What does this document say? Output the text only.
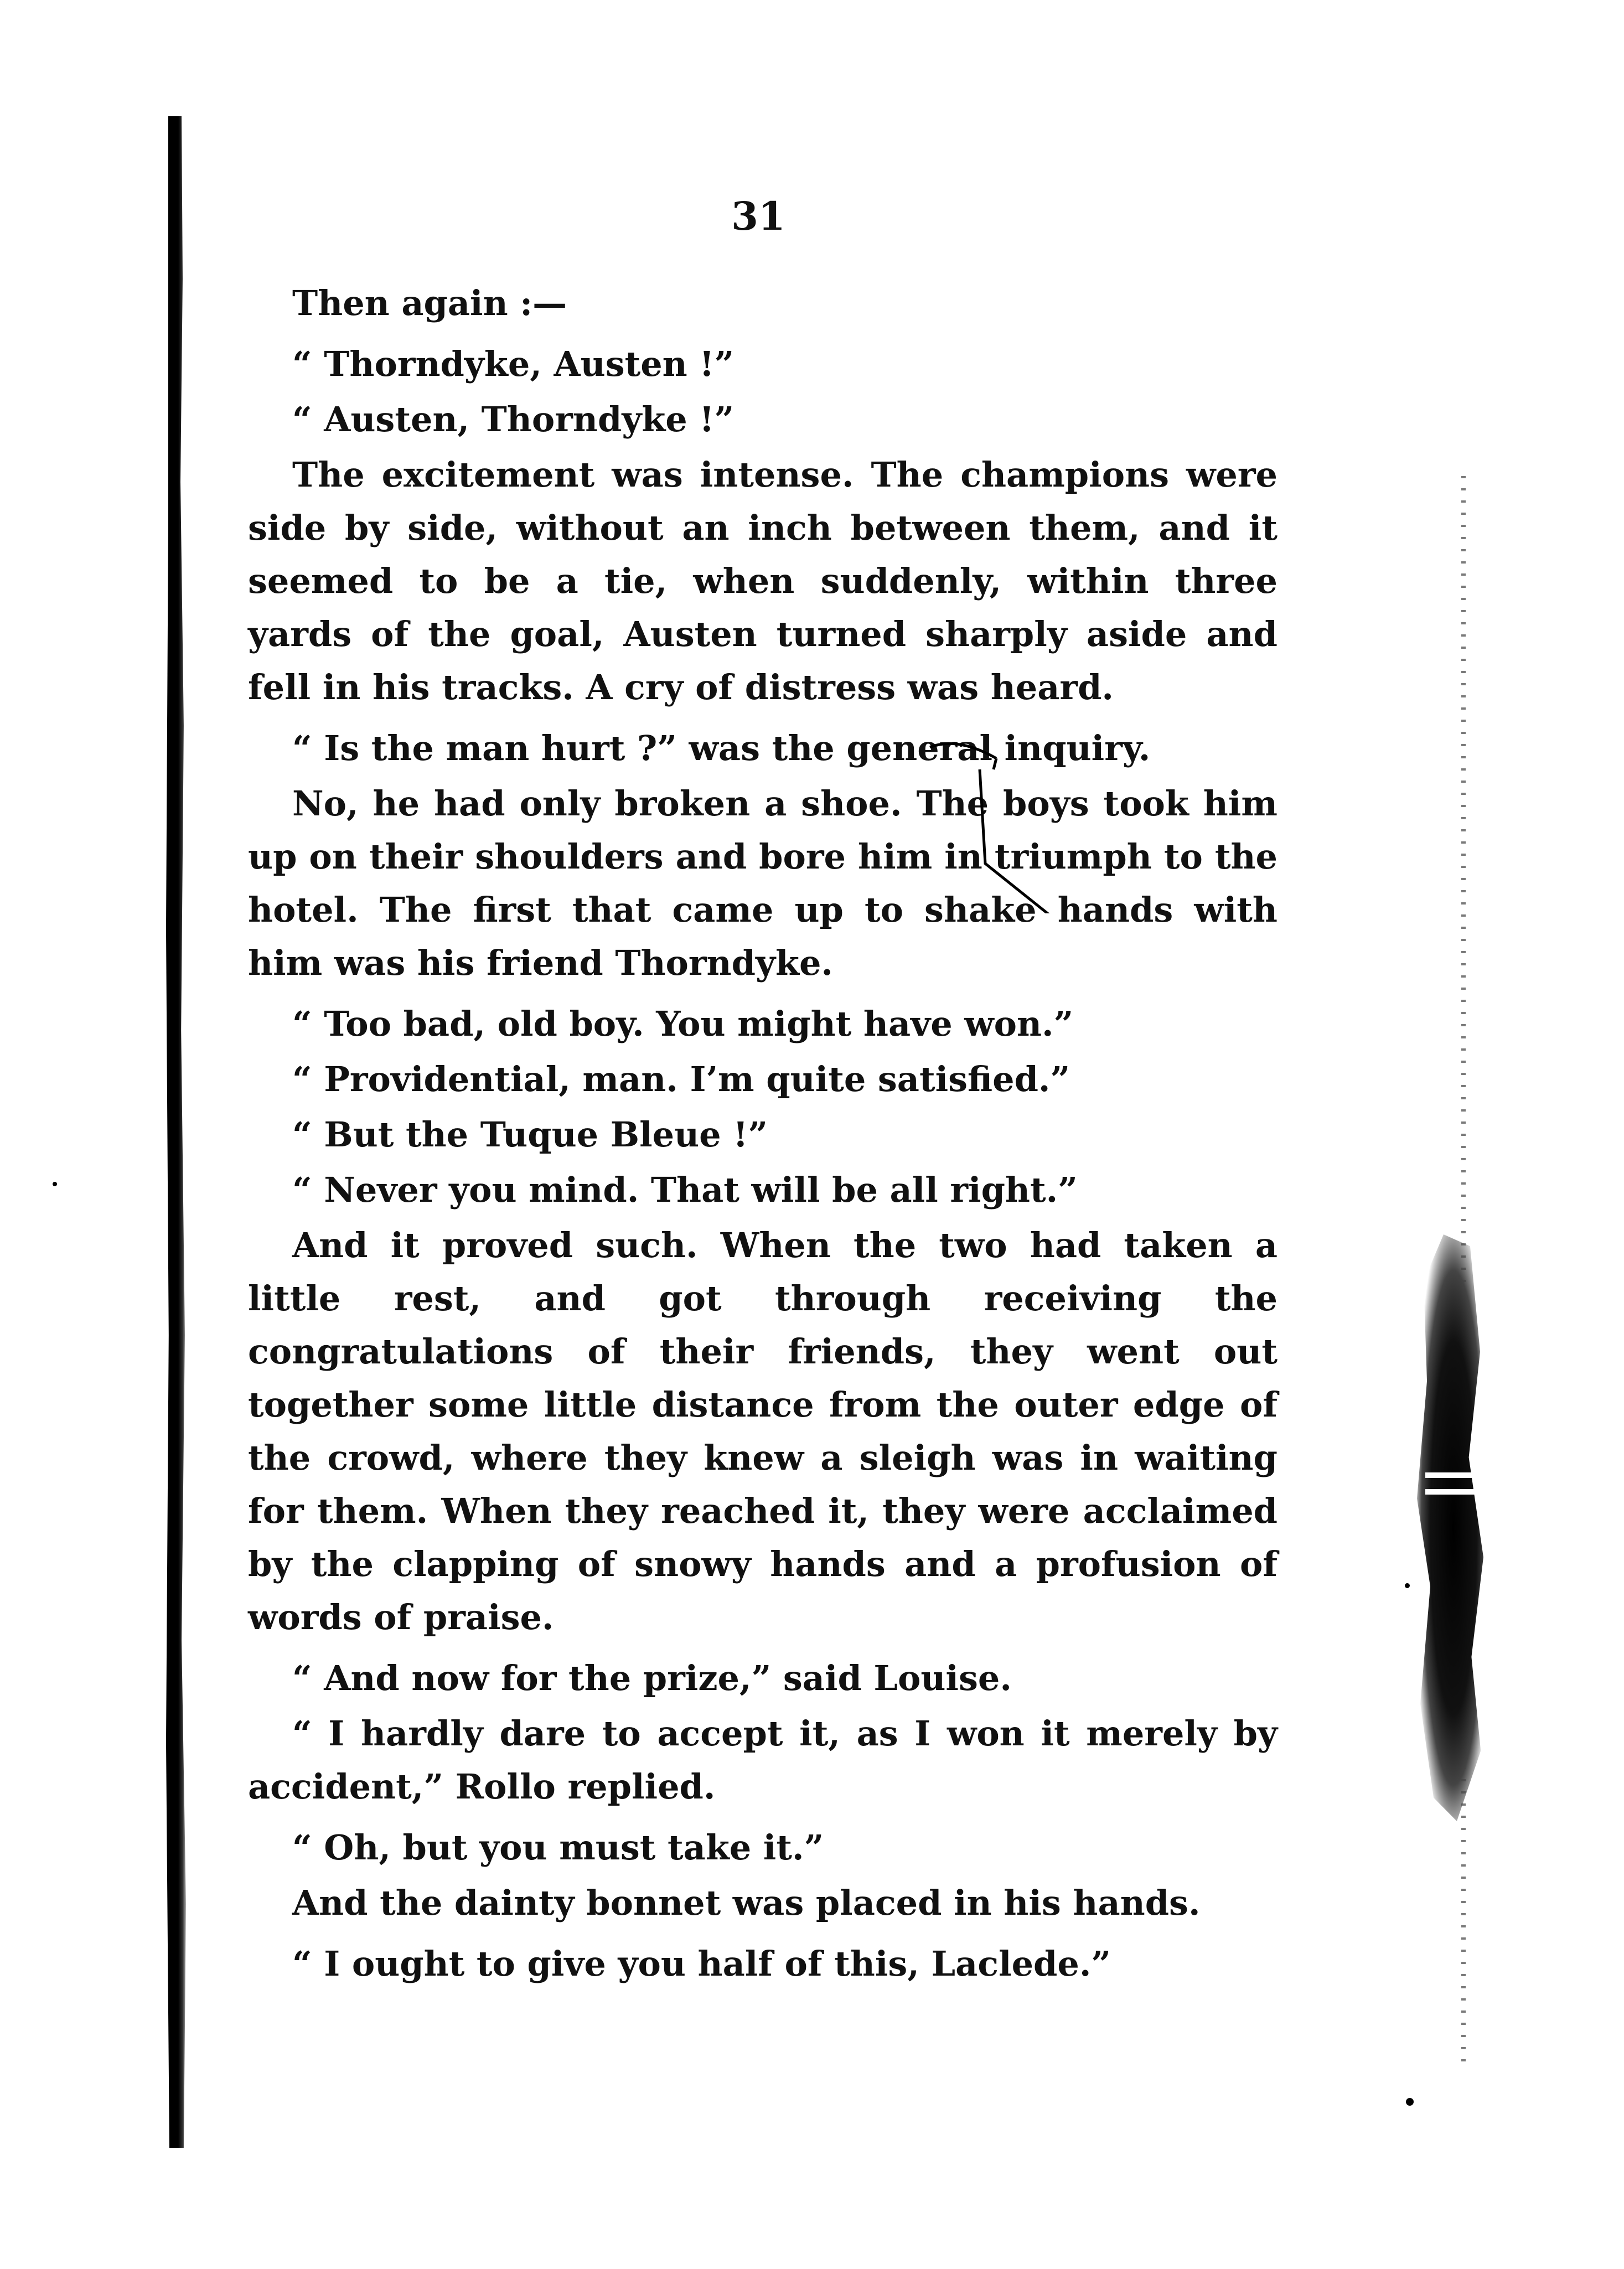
31

Then again :—

“ Thorndyke, Austen !”

“ Austen, Thorndyke !”

The excitement was intense. The champions were side by side, without an inch between them, and it seemed to be a tie, when suddenly, within three yards of the goal, Austen turned sharply aside and fell in his tracks. A cry of distress was heard.

“ Is the man hurt ?” was the general inquiry.

No, he had only broken a shoe. The boys took him up on their shoulders and bore him in triumph to the hotel. The first that came up to shake hands with him was his friend Thorndyke.

“ Too bad, old boy. You might have won.”

“ Providential, man. I’m quite satisfied.”

“ But the Tuque Bleue !”

“ Never you mind. That will be all right.”

And it proved such. When the two had taken a little rest, and got through receiving the congratulations of their friends, they went out together some little distance from the outer edge of the crowd, where they knew a sleigh was in waiting for them. When they reached it, they were acclaimed by the clapping of snowy hands and a profusion of words of praise.

“ And now for the prize,” said Louise.

“ I hardly dare to accept it, as I won it merely by accident,” Rollo replied.

“ Oh, but you must take it.”

And the dainty bonnet was placed in his hands.

“ I ought to give you half of this, Laclede.”
